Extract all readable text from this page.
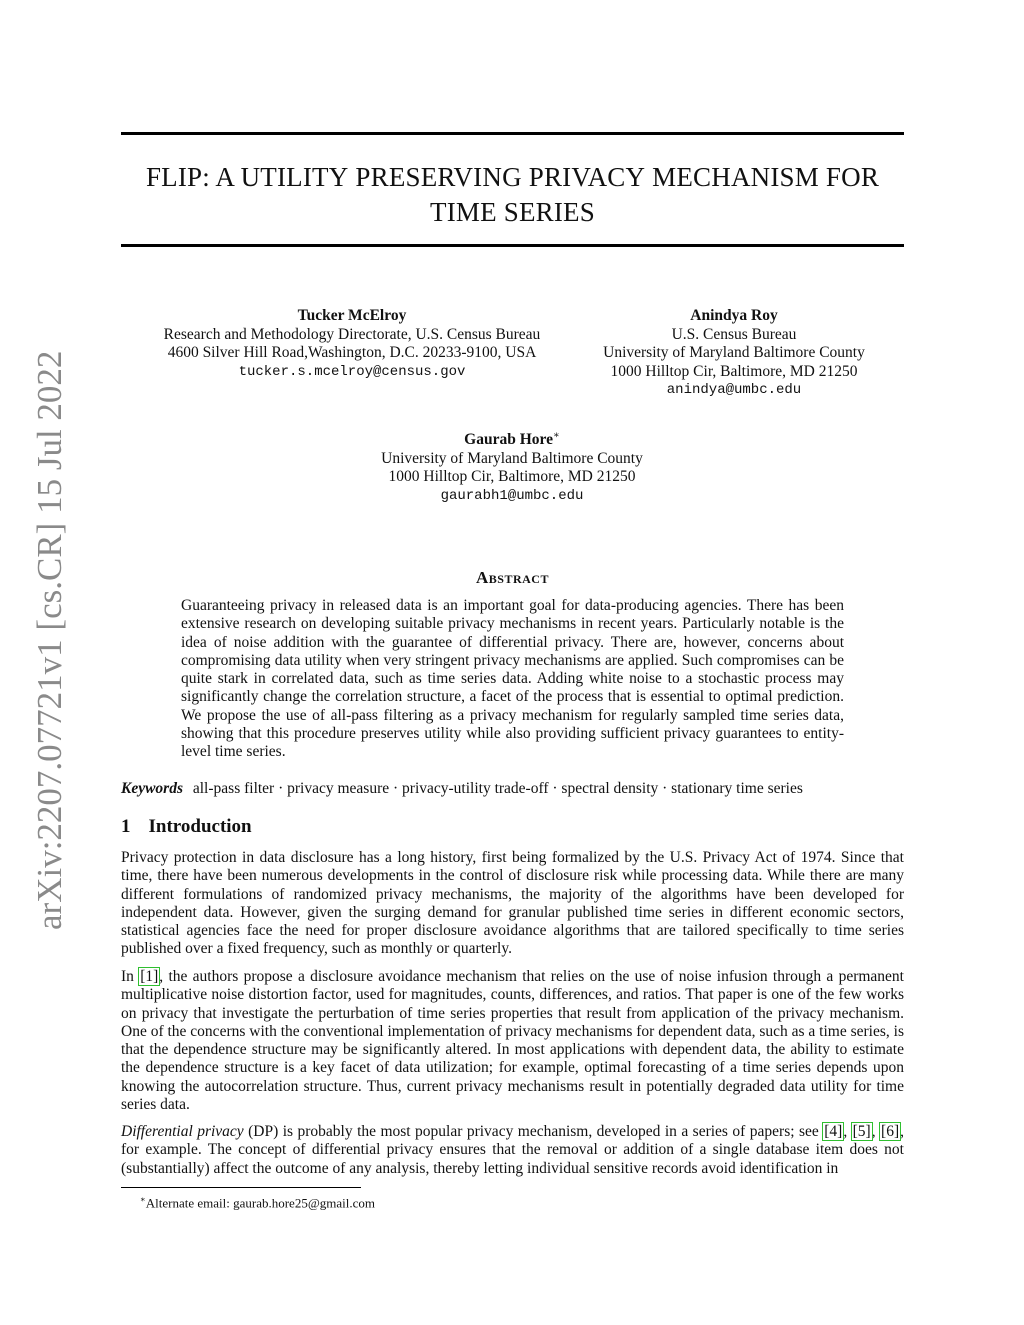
arXiv:2207.07721v1 [cs.CR] 15 Jul 2022
FLIP: A UTILITY PRESERVING PRIVACY MECHANISM FOR
TIME SERIES
Tucker McElroy
Research and Methodology Directorate, U.S. Census Bureau
4600 Silver Hill Road,Washington, D.C. 20233-9100, USA
tucker.s.mcelroy@census.gov
Anindya Roy
U.S. Census Bureau
University of Maryland Baltimore County
1000 Hilltop Cir, Baltimore, MD 21250
anindya@umbc.edu
Gaurab Hore∗
University of Maryland Baltimore County
1000 Hilltop Cir, Baltimore, MD 21250
gaurabh1@umbc.edu
Abstract
Guaranteeing privacy in released data is an important goal for data-producing agencies. There has been extensive research on developing suitable privacy mechanisms in recent years. Particularly notable is the idea of noise addition with the guarantee of differential privacy. There are, however, concerns about compromising data utility when very stringent privacy mechanisms are applied. Such compromises can be quite stark in correlated data, such as time series data. Adding white noise to a stochastic process may significantly change the correlation structure, a facet of the process that is essential to optimal prediction. We propose the use of all-pass filtering as a privacy mechanism for regularly sampled time series data, showing that this procedure preserves utility while also providing sufficient privacy guarantees to entity-level time series.
Keywords all-pass filter · privacy measure · privacy-utility trade-off · spectral density · stationary time series
1 Introduction
Privacy protection in data disclosure has a long history, first being formalized by the U.S. Privacy Act of 1974. Since that time, there have been numerous developments in the control of disclosure risk while processing data. While there are many different formulations of randomized privacy mechanisms, the majority of the algorithms have been developed for independent data. However, given the surging demand for granular published time series in different economic sectors, statistical agencies face the need for proper disclosure avoidance algorithms that are tailored specifically to time series published over a fixed frequency, such as monthly or quarterly.
In [1], the authors propose a disclosure avoidance mechanism that relies on the use of noise infusion through a permanent multiplicative noise distortion factor, used for magnitudes, counts, differences, and ratios. That paper is one of the few works on privacy that investigate the perturbation of time series properties that result from application of the privacy mechanism. One of the concerns with the conventional implementation of privacy mechanisms for dependent data, such as a time series, is that the dependence structure may be significantly altered. In most applications with dependent data, the ability to estimate the dependence structure is a key facet of data utilization; for example, optimal forecasting of a time series depends upon knowing the autocorrelation structure. Thus, current privacy mechanisms result in potentially degraded data utility for time series data.
Differential privacy (DP) is probably the most popular privacy mechanism, developed in a series of papers; see [4], [5], [6], for example. The concept of differential privacy ensures that the removal or addition of a single database item does not (substantially) affect the outcome of any analysis, thereby letting individual sensitive records avoid identification in
∗Alternate email: gaurab.hore25@gmail.com
